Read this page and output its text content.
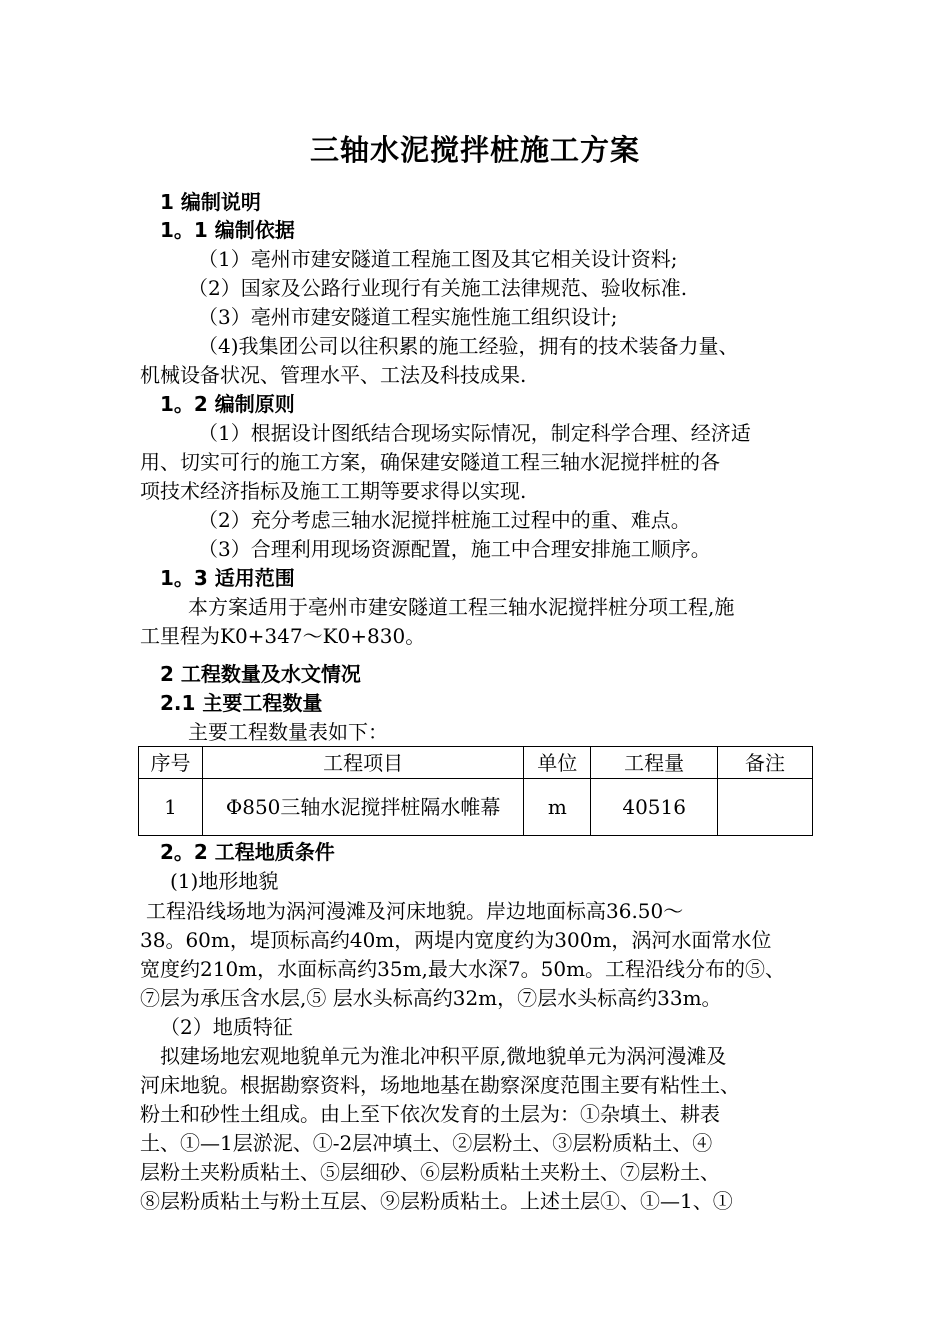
三轴水泥搅拌桩施工方案
1 编制说明
1。1 编制依据
（1）亳州市建安隧道工程施工图及其它相关设计资料;
（2）国家及公路行业现行有关施工法律规范、验收标准.
（3）亳州市建安隧道工程实施性施工组织设计;
（4)我集团公司以往积累的施工经验，拥有的技术装备力量、
机械设备状况、管理水平、工法及科技成果.
1。2 编制原则
（1）根据设计图纸结合现场实际情况，制定科学合理、经济适
用、切实可行的施工方案，确保建安隧道工程三轴水泥搅拌桩的各
项技术经济指标及施工工期等要求得以实现.
（2）充分考虑三轴水泥搅拌桩施工过程中的重、难点。
（3）合理利用现场资源配置，施工中合理安排施工顺序。
1。3 适用范围
本方案适用于亳州市建安隧道工程三轴水泥搅拌桩分项工程,施
工里程为K0+347～K0+830。
2 工程数量及水文情况
2.1 主要工程数量
主要工程数量表如下：
序号	工程项目	单位	工程量	备注
1	Φ850三轴水泥搅拌桩隔水帷幕	m	40516	
2。2 工程地质条件
(1)地形地貌
工程沿线场地为涡河漫滩及河床地貌。岸边地面标高36.50～
38。60m，堤顶标高约40m，两堤内宽度约为300m，涡河水面常水位
宽度约210m，水面标高约35m,最大水深7。50m。工程沿线分布的⑤、
⑦层为承压含水层,⑤ 层水头标高约32m，⑦层水头标高约33m。
（2）地质特征
拟建场地宏观地貌单元为淮北冲积平原,微地貌单元为涡河漫滩及
河床地貌。根据勘察资料，场地地基在勘察深度范围主要有粘性土、
粉土和砂性土组成。由上至下依次发育的土层为：①杂填土、耕表
土、①—1层淤泥、①-2层冲填土、②层粉土、③层粉质粘土、④
层粉土夹粉质粘土、⑤层细砂、⑥层粉质粘土夹粉土、⑦层粉土、
⑧层粉质粘土与粉土互层、⑨层粉质粘土。上述土层①、①—1、①
